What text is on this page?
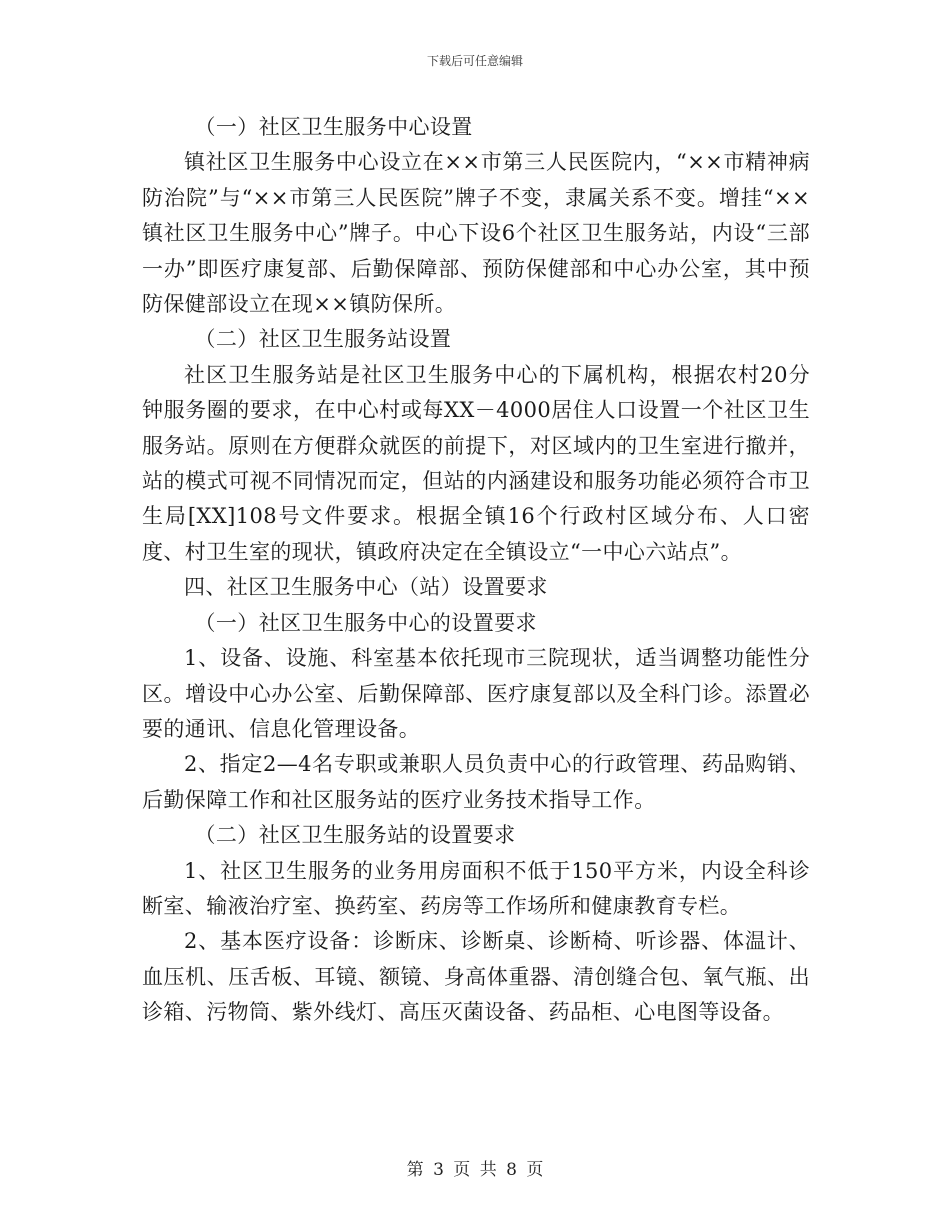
下载后可任意编辑

（一）社区卫生服务中心设置

镇社区卫生服务中心设立在××市第三人民医院内，“××市精神病防治院”与“××市第三人民医院”牌子不变，隶属关系不变。增挂“××镇社区卫生服务中心”牌子。中心下设6个社区卫生服务站，内设“三部一办”即医疗康复部、后勤保障部、预防保健部和中心办公室，其中预防保健部设立在现××镇防保所。

（二）社区卫生服务站设置

社区卫生服务站是社区卫生服务中心的下属机构，根据农村20分钟服务圈的要求，在中心村或每XX－4000居住人口设置一个社区卫生服务站。原则在方便群众就医的前提下，对区域内的卫生室进行撤并，站的模式可视不同情况而定，但站的内涵建设和服务功能必须符合市卫生局[XX]108号文件要求。根据全镇16个行政村区域分布、人口密度、村卫生室的现状，镇政府决定在全镇设立“一中心六站点”。

四、社区卫生服务中心（站）设置要求

（一）社区卫生服务中心的设置要求

1、设备、设施、科室基本依托现市三院现状，适当调整功能性分区。增设中心办公室、后勤保障部、医疗康复部以及全科门诊。添置必要的通讯、信息化管理设备。

2、指定2—4名专职或兼职人员负责中心的行政管理、药品购销、后勤保障工作和社区服务站的医疗业务技术指导工作。

（二）社区卫生服务站的设置要求

1、社区卫生服务的业务用房面积不低于150平方米，内设全科诊断室、输液治疗室、换药室、药房等工作场所和健康教育专栏。

2、基本医疗设备：诊断床、诊断桌、诊断椅、听诊器、体温计、血压机、压舌板、耳镜、额镜、身高体重器、清创缝合包、氧气瓶、出诊箱、污物筒、紫外线灯、高压灭菌设备、药品柜、心电图等设备。

第 3 页 共 8 页
